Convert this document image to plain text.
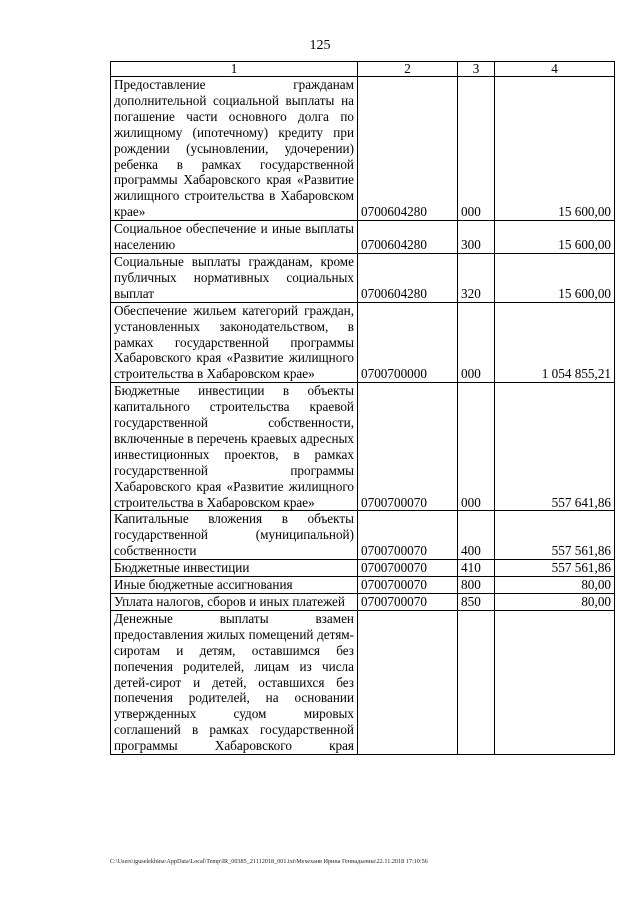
125
1	2	3	4
Предоставление гражданам дополнительной социальной выплаты на погашение части основного долга по жилищному (ипотечному) кредиту при рождении (усыновлении, удочерении) ребенка в рамках государственной программы Хабаровского края «Развитие жилищного строительства в Хабаровском крае»	0700604280	000	15 600,00
Социальное обеспечение и иные выплаты населению	0700604280	300	15 600,00
Социальные выплаты гражданам, кроме публичных нормативных социальных выплат	0700604280	320	15 600,00
Обеспечение жильем категорий граждан, установленных законодательством, в рамках государственной программы Хабаровского края «Развитие жилищного строительства в Хабаровском крае»	0700700000	000	1 054 855,21
Бюджетные инвестиции в объекты капитального строительства краевой государственной собственности, включенные в перечень краевых адресных инвестиционных проектов, в рамках государственной программы Хабаровского края «Развитие жилищного строительства в Хабаровском крае»	0700700070	000	557 641,86
Капитальные вложения в объекты государственной (муниципальной) собственности	0700700070	400	557 561,86
Бюджетные инвестиции	0700700070	410	557 561,86
Иные бюджетные ассигнования	0700700070	800	80,00
Уплата налогов, сборов и иных платежей	0700700070	850	80,00
Денежные выплаты взамен предоставления жилых помещений детям-сиротам и детям, оставшимся без попечения родителей, лицам из числа детей-сирот и детей, оставшихся без попечения родителей, на основании утвержденных судом мировых соглашений в рамках государственной программы Хабаровского края			
C:\Users\iguselekhina\AppData\Local\Temp\IR_00385_21112018_001.txt\Мехеханв Ирина Геннадьевна\22.11.2018 17:10:56
